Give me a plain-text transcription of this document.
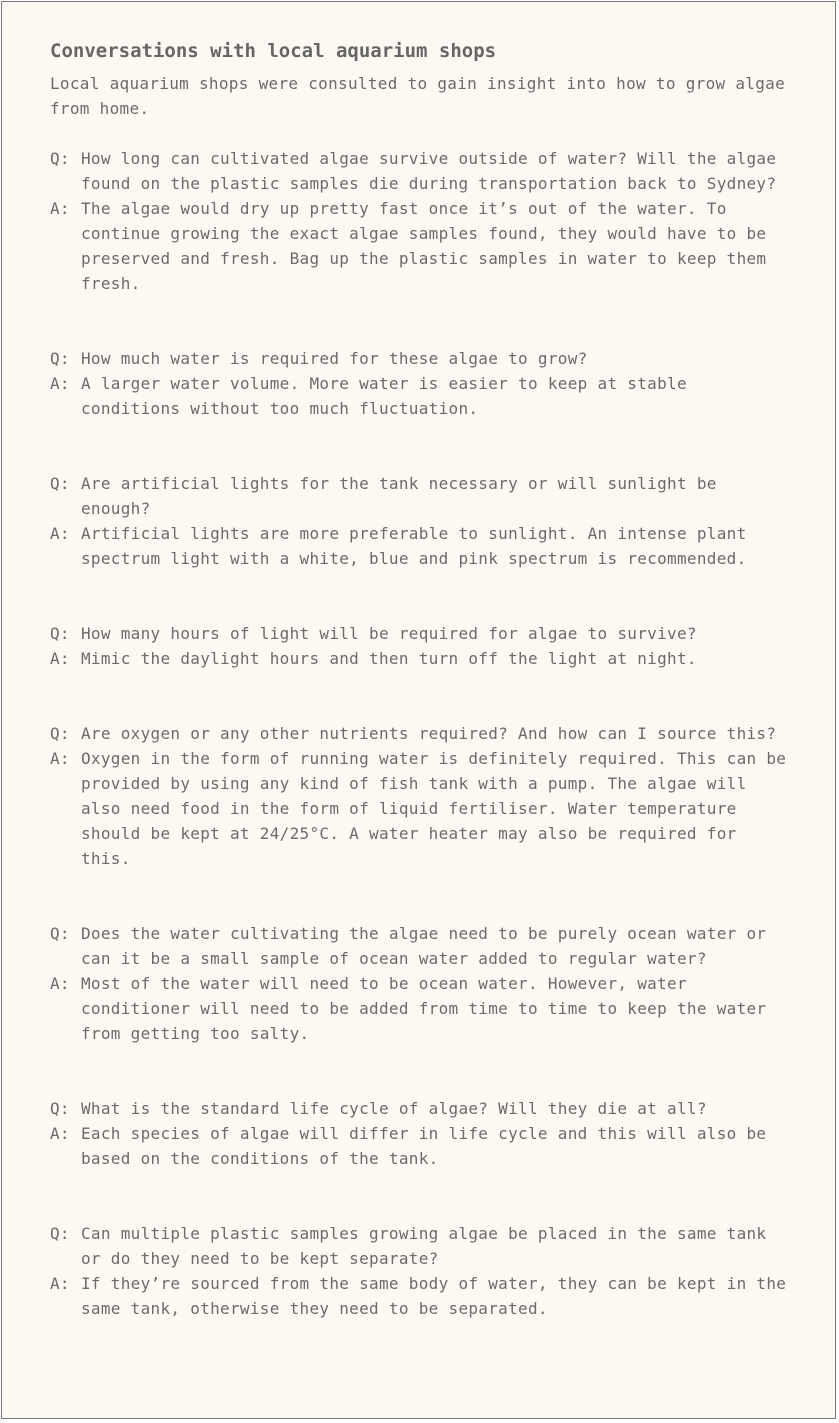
Conversations with local aquarium shops

Local aquarium shops were consulted to gain insight into how to grow algae from home.

Q: How long can cultivated algae survive outside of water? Will the algae found on the plastic samples die during transportation back to Sydney?

A: The algae would dry up pretty fast once it’s out of the water. To continue growing the exact algae samples found, they would have to be preserved and fresh. Bag up the plastic samples in water to keep them fresh.

Q: How much water is required for these algae to grow?

A: A larger water volume. More water is easier to keep at stable conditions without too much fluctuation.

Q: Are artificial lights for the tank necessary or will sunlight be enough?

A: Artificial lights are more preferable to sunlight. An intense plant spectrum light with a white, blue and pink spectrum is recommended.

Q: How many hours of light will be required for algae to survive?

A: Mimic the daylight hours and then turn off the light at night.

Q: Are oxygen or any other nutrients required? And how can I source this?

A: Oxygen in the form of running water is definitely required. This can be provided by using any kind of fish tank with a pump. The algae will also need food in the form of liquid fertiliser. Water temperature should be kept at 24/25°C. A water heater may also be required for this.

Q: Does the water cultivating the algae need to be purely ocean water or can it be a small sample of ocean water added to regular water?

A: Most of the water will need to be ocean water. However, water conditioner will need to be added from time to time to keep the water from getting too salty.

Q: What is the standard life cycle of algae? Will they die at all?

A: Each species of algae will differ in life cycle and this will also be based on the conditions of the tank.

Q: Can multiple plastic samples growing algae be placed in the same tank or do they need to be kept separate?

A: If they’re sourced from the same body of water, they can be kept in the same tank, otherwise they need to be separated.
